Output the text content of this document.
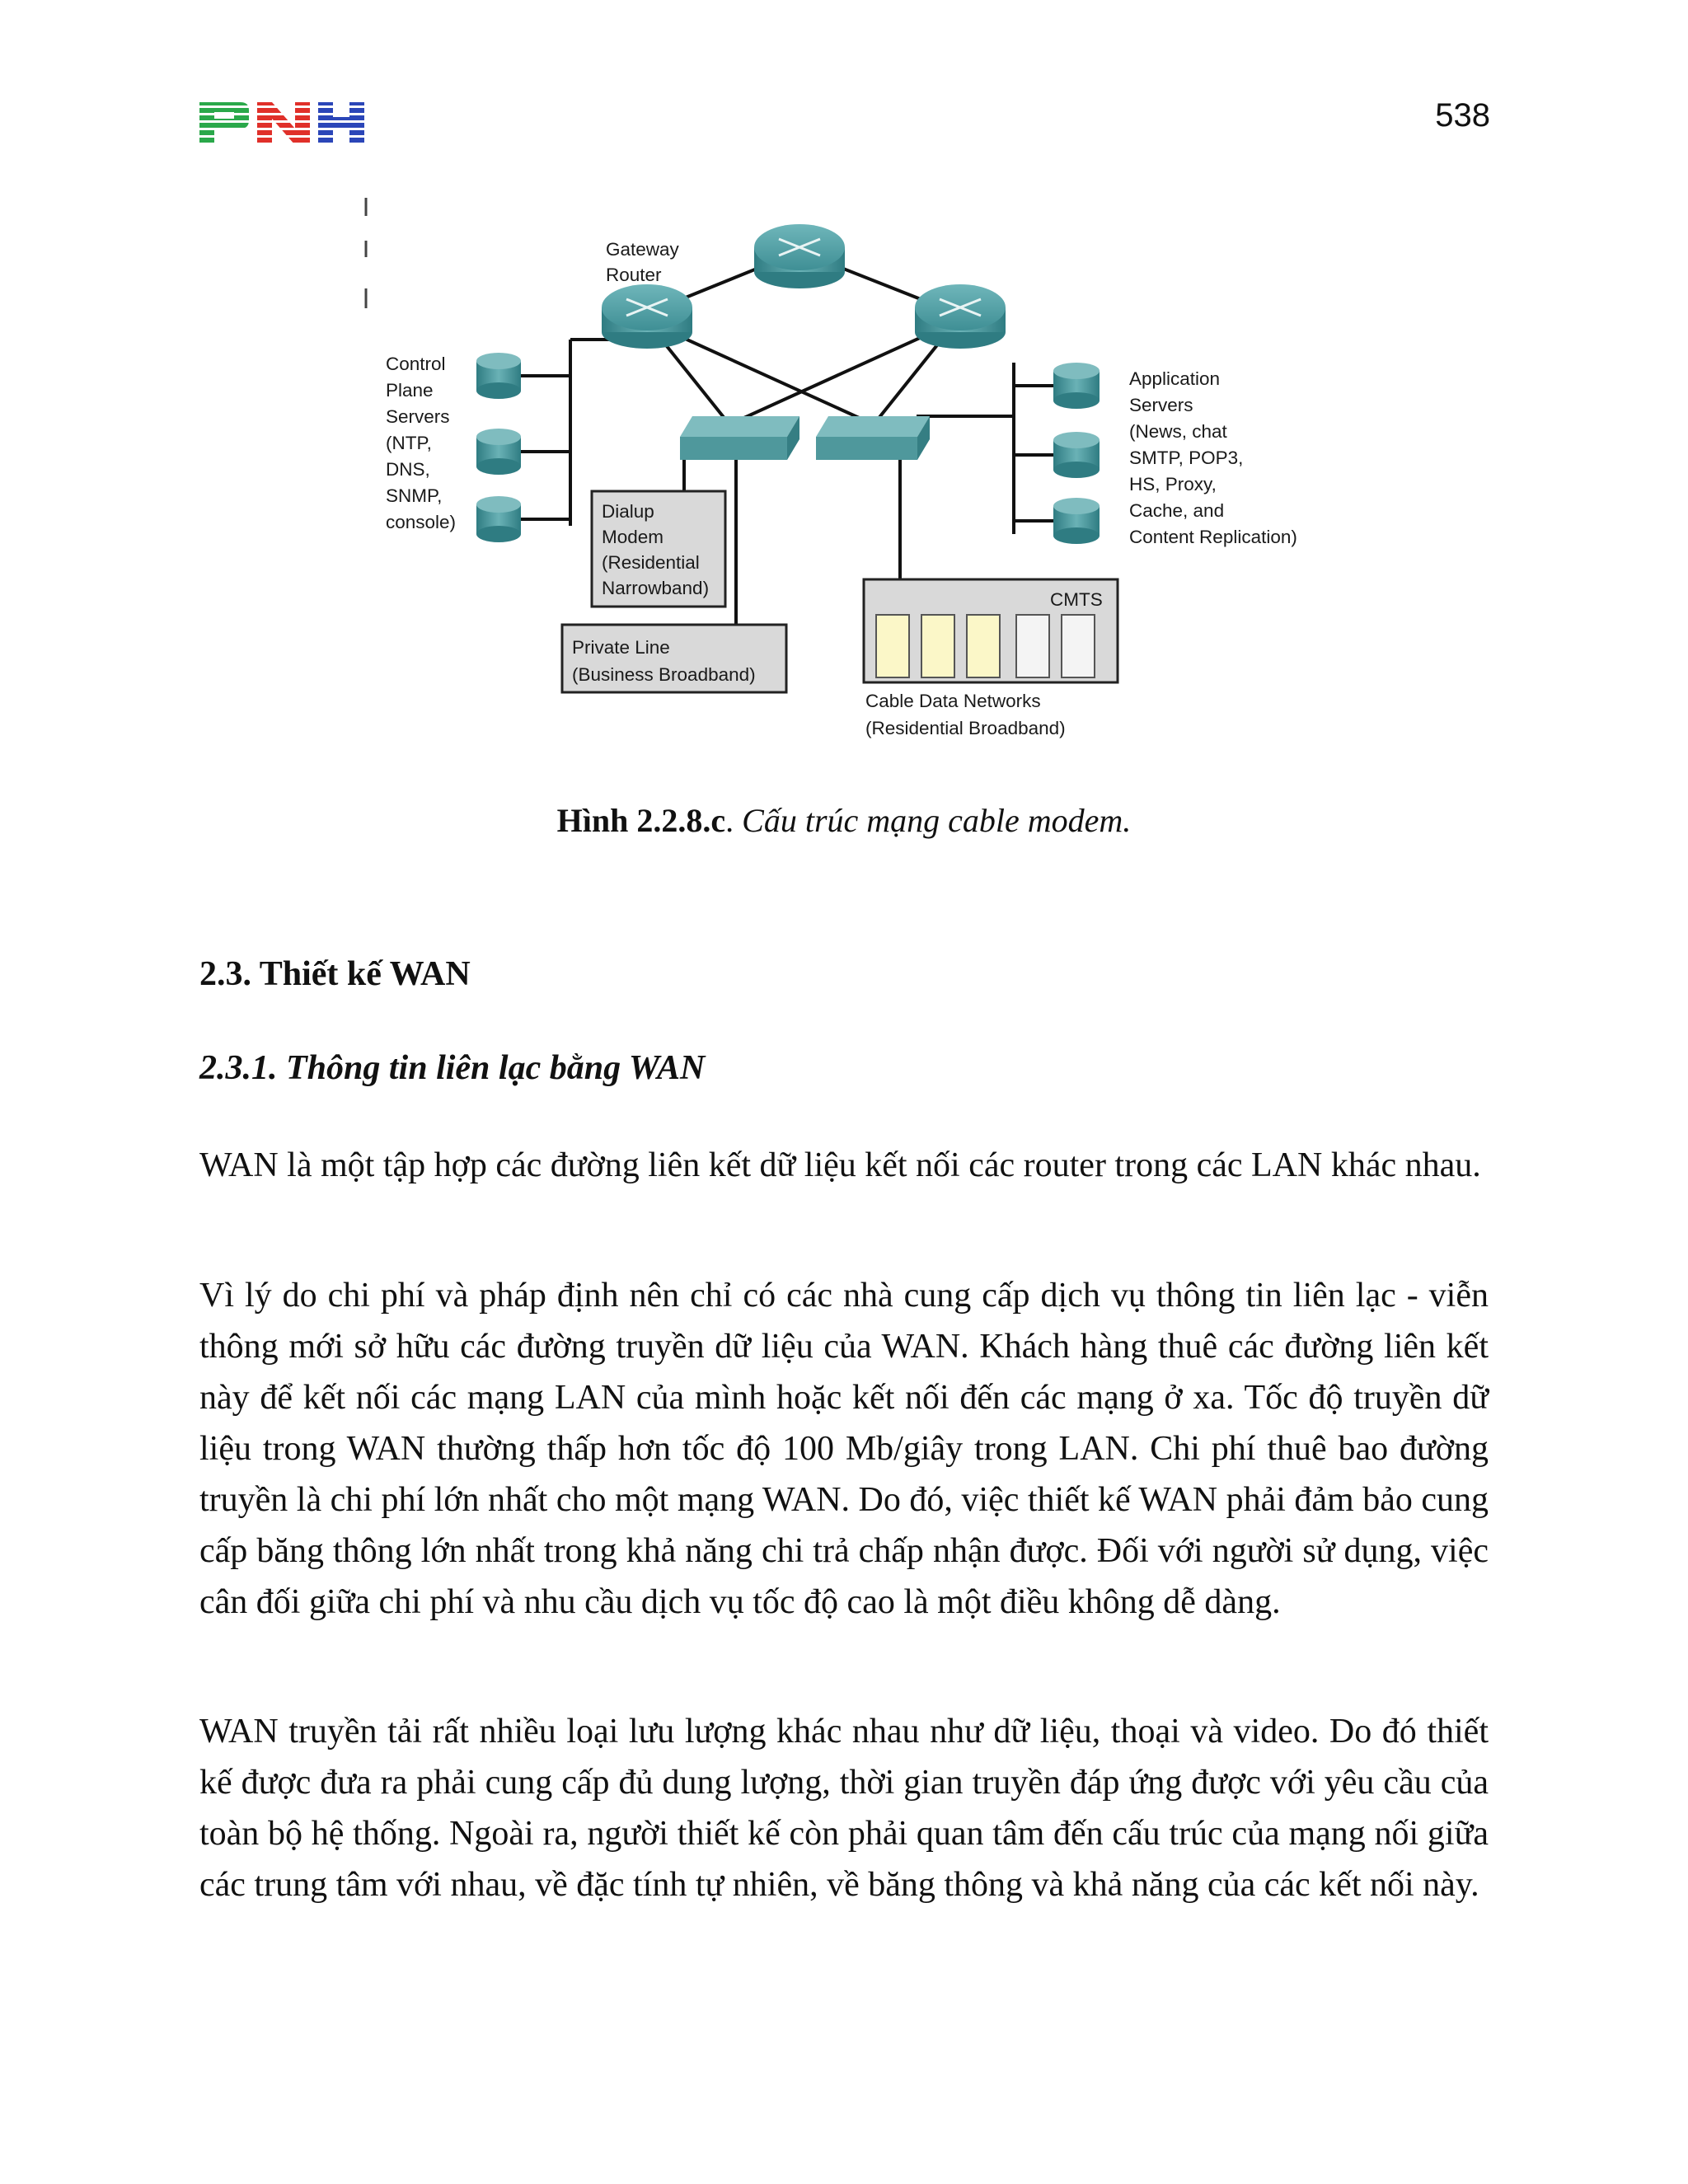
538
Gateway Router
Control Plane Servers (NTP, DNS, SNMP, console)
Application Servers (News, chat SMTP, POP3, HS, Proxy, Cache, and Content Replication)
Dialup Modem (Residential Narrowband)
Private Line (Business Broadband)
CMTS
Cable Data Networks (Residential Broadband)
Hình 2.2.8.c. Cấu trúc mạng cable modem.
2.3. Thiết kế WAN
2.3.1. Thông tin liên lạc bằng WAN

WAN là một tập hợp các đường liên kết dữ liệu kết nối các router trong các LAN khác nhau.

Vì lý do chi phí và pháp định nên chỉ có các nhà cung cấp dịch vụ thông tin liên lạc - viễn thông mới sở hữu các đường truyền dữ liệu của WAN. Khách hàng thuê các đường liên kết này để kết nối các mạng LAN của mình hoặc kết nối đến các mạng ở xa. Tốc độ truyền dữ liệu trong WAN thường thấp hơn tốc độ 100 Mb/giây trong LAN. Chi phí thuê bao đường truyền là chi phí lớn nhất cho một mạng WAN. Do đó, việc thiết kế WAN phải đảm bảo cung cấp băng thông lớn nhất trong khả năng chi trả chấp nhận được. Đối với người sử dụng, việc cân đối giữa chi phí và nhu cầu dịch vụ tốc độ cao là một điều không dễ dàng.

WAN truyền tải rất nhiều loại lưu lượng khác nhau như dữ liệu, thoại và video. Do đó thiết kế được đưa ra phải cung cấp đủ dung lượng, thời gian truyền đáp ứng được với yêu cầu của toàn bộ hệ thống. Ngoài ra, người thiết kế còn phải quan tâm đến cấu trúc của mạng nối giữa các trung tâm với nhau, về đặc tính tự nhiên, về băng thông và khả năng của các kết nối này.
